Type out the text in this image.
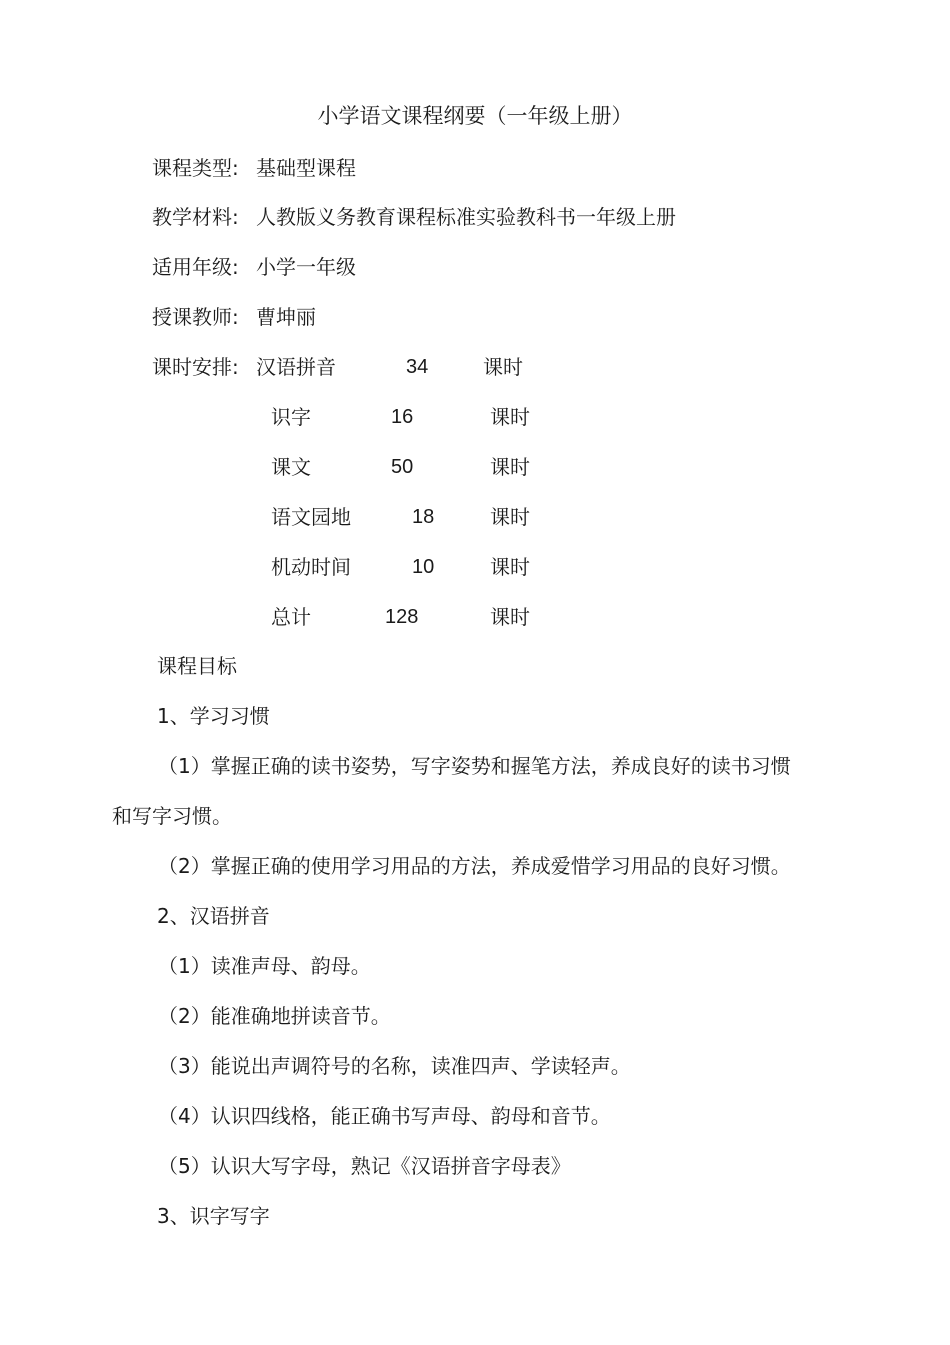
小学语文课程纲要（一年级上册）
课程类型: 基础型课程
教学材料: 人教版义务教育课程标准实验教科书一年级上册
适用年级: 小学一年级
授课教师: 曹坤丽
课时安排: 汉语拼音	34	课时
识字	16	课时
课文	50	课时
语文园地	18	课时
机动时间	10	课时
总计	128	课时
课程目标
1、学习习惯
（1）掌握正确的读书姿势，写字姿势和握笔方法，养成良好的读书习惯
和写字习惯。
（2）掌握正确的使用学习用品的方法，养成爱惜学习用品的良好习惯。
2、汉语拼音
（1）读准声母、韵母。
（2）能准确地拼读音节。
（3）能说出声调符号的名称，读准四声、学读轻声。
（4）认识四线格，能正确书写声母、韵母和音节。
（5）认识大写字母，熟记《汉语拼音字母表》
3、识字写字
